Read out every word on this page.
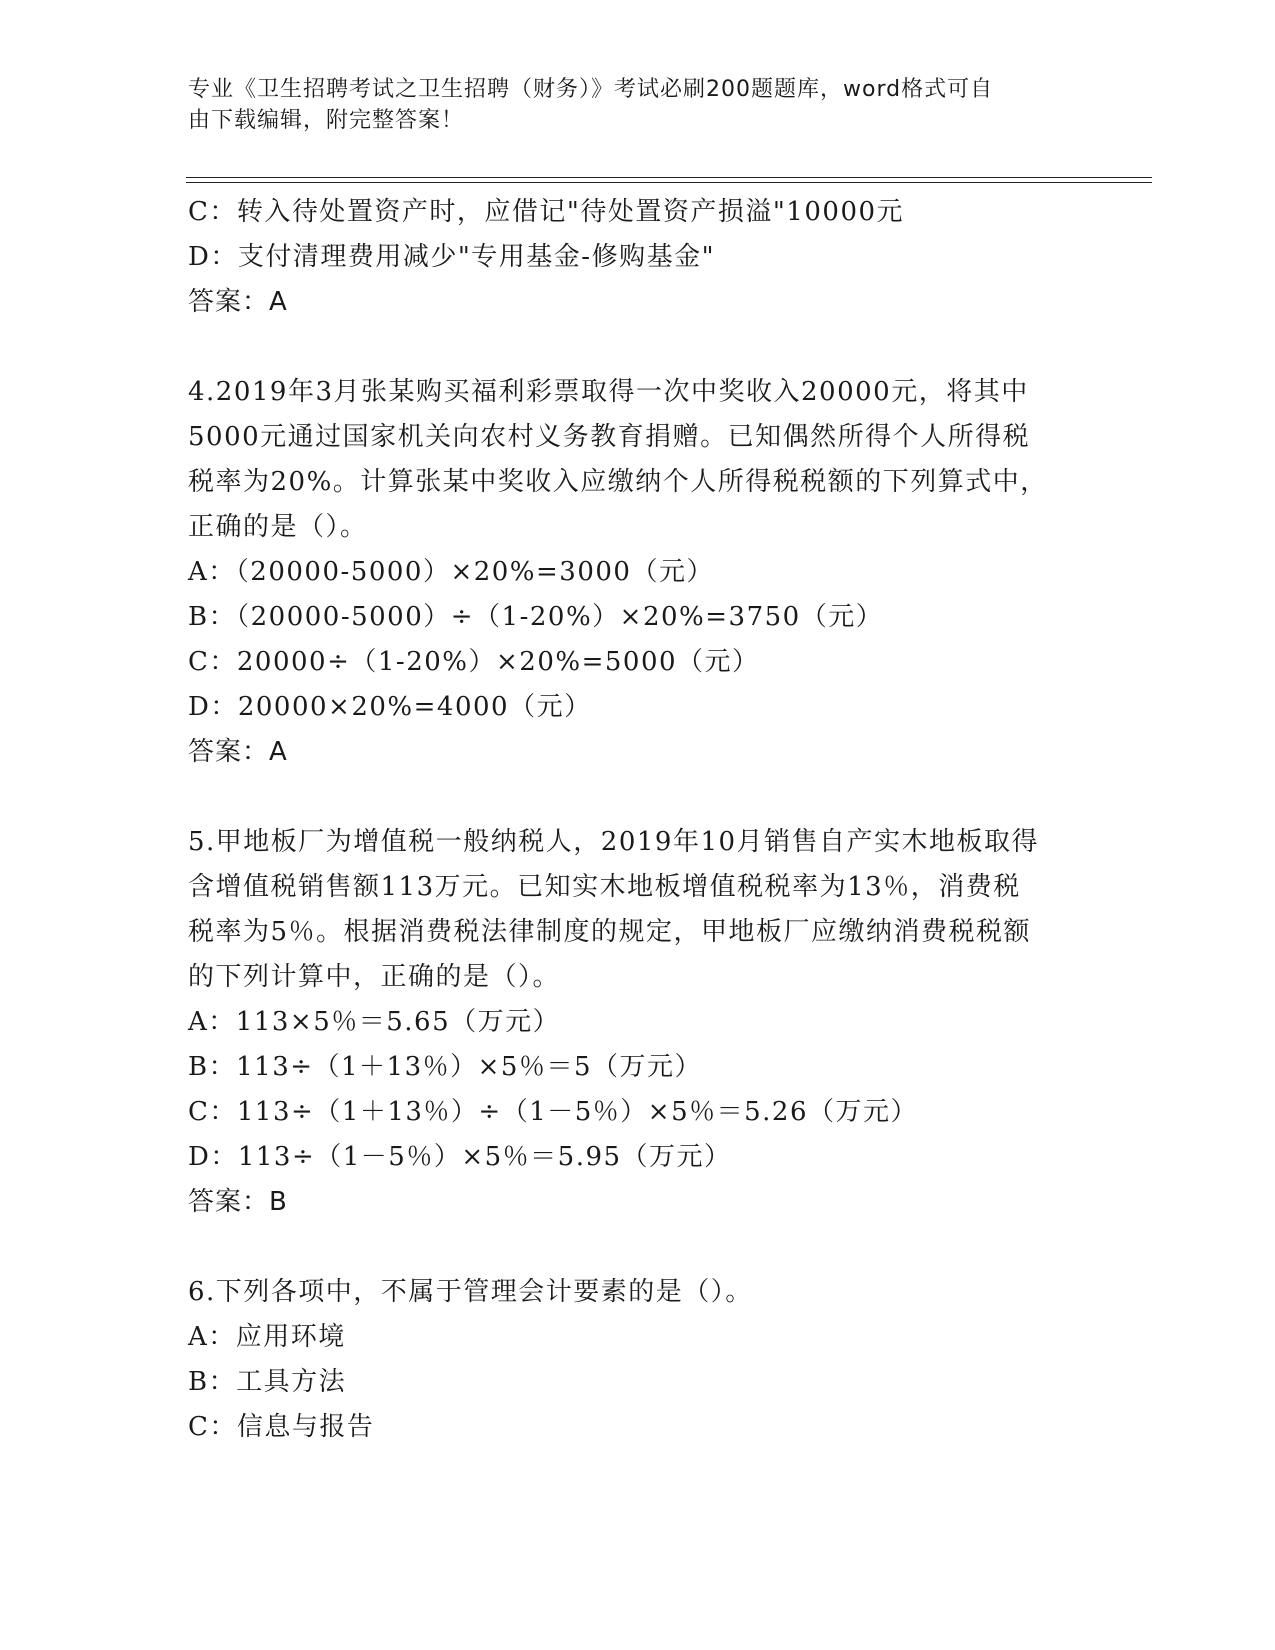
专业《卫生招聘考试之卫生招聘（财务）》考试必刷200题题库，word格式可自
由下载编辑，附完整答案！

C：转入待处置资产时，应借记"待处置资产损溢"10000元

D：支付清理费用减少"专用基金-修购基金"

答案：A

4.2019年3月张某购买福利彩票取得一次中奖收入20000元，将其中

5000元通过国家机关向农村义务教育捐赠。已知偶然所得个人所得税

税率为20%。计算张某中奖收入应缴纳个人所得税税额的下列算式中，

正确的是（）。

A：（20000-5000）×20%=3000（元）

B：（20000-5000）÷（1-20%）×20%=3750（元）

C：20000÷（1-20%）×20%=5000（元）

D：20000×20%=4000（元）

答案：A

5.甲地板厂为增值税一般纳税人，2019年10月销售自产实木地板取得

含增值税销售额113万元。已知实木地板增值税税率为13％，消费税

税率为5％。根据消费税法律制度的规定，甲地板厂应缴纳消费税税额

的下列计算中，正确的是（）。

A：113×5％＝5.65（万元）

B：113÷（1＋13％）×5％＝5（万元）

C：113÷（1＋13％）÷（1－5％）×5％＝5.26（万元）

D：113÷（1－5％）×5％＝5.95（万元）

答案：B

6.下列各项中，不属于管理会计要素的是（）。

A：应用环境

B：工具方法

C：信息与报告
